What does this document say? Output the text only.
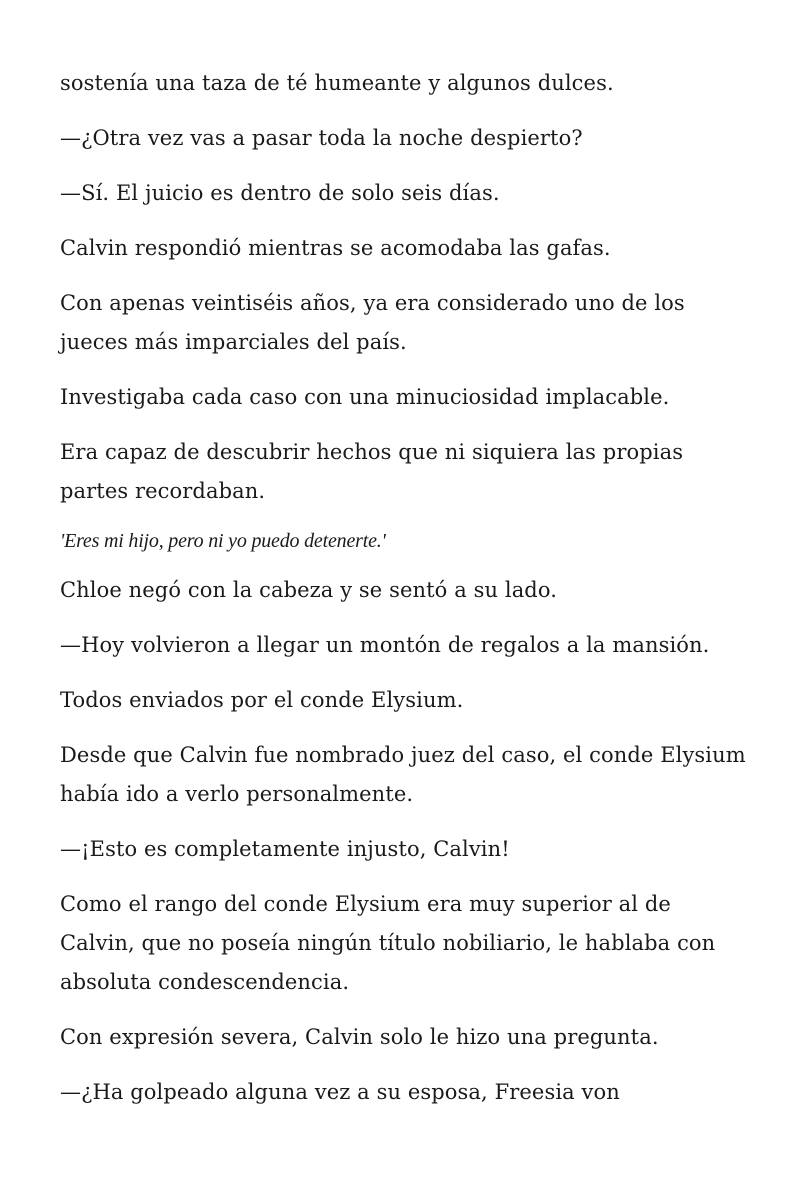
sostenía una taza de té humeante y algunos dulces.

—¿Otra vez vas a pasar toda la noche despierto?

—Sí. El juicio es dentro de solo seis días.

Calvin respondió mientras se acomodaba las gafas.

Con apenas veintiséis años, ya era considerado uno de los jueces más imparciales del país.

Investigaba cada caso con una minuciosidad implacable.

Era capaz de descubrir hechos que ni siquiera las propias partes recordaban.

'Eres mi hijo, pero ni yo puedo detenerte.'

Chloe negó con la cabeza y se sentó a su lado.

—Hoy volvieron a llegar un montón de regalos a la mansión.

Todos enviados por el conde Elysium.

Desde que Calvin fue nombrado juez del caso, el conde Elysium había ido a verlo personalmente.

—¡Esto es completamente injusto, Calvin!

Como el rango del conde Elysium era muy superior al de Calvin, que no poseía ningún título nobiliario, le hablaba con absoluta condescendencia.

Con expresión severa, Calvin solo le hizo una pregunta.

—¿Ha golpeado alguna vez a su esposa, Freesia von
